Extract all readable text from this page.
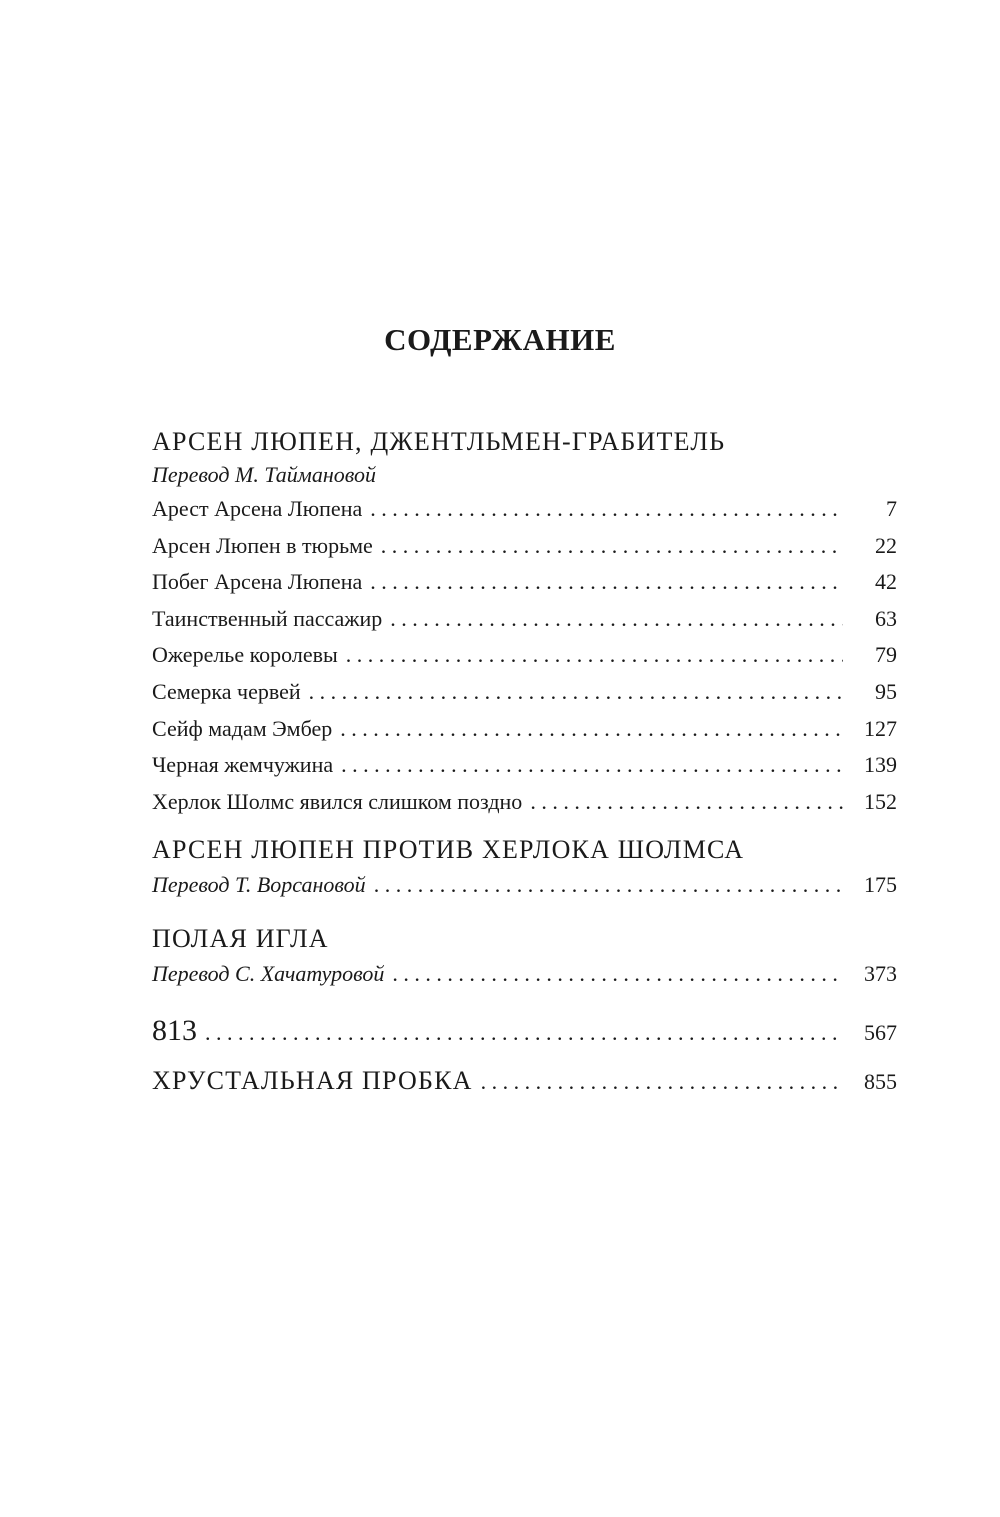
СОДЕРЖАНИЕ
АРСЕН ЛЮПЕН, ДЖЕНТЛЬМЕН-ГРАБИТЕЛЬ
Перевод М. Таймановой
Арест Арсена Люпена . . .	7
Арсен Люпен в тюрьме . . .	22
Побег Арсена Люпена . . .	42
Таинственный пассажир . . .	63
Ожерелье королевы . . .	79
Семерка червей . . .	95
Сейф мадам Эмбер . . .	127
Черная жемчужина . . .	139
Херлок Шолмс явился слишком поздно . . .	152
АРСЕН ЛЮПЕН ПРОТИВ ХЕРЛОКА ШОЛМСА
Перевод Т. Ворсановой . . .	175
ПОЛАЯ ИГЛА
Перевод С. Хачатуровой . . .	373
813 . . .	567
ХРУСТАЛЬНАЯ ПРОБКА . . .	855
